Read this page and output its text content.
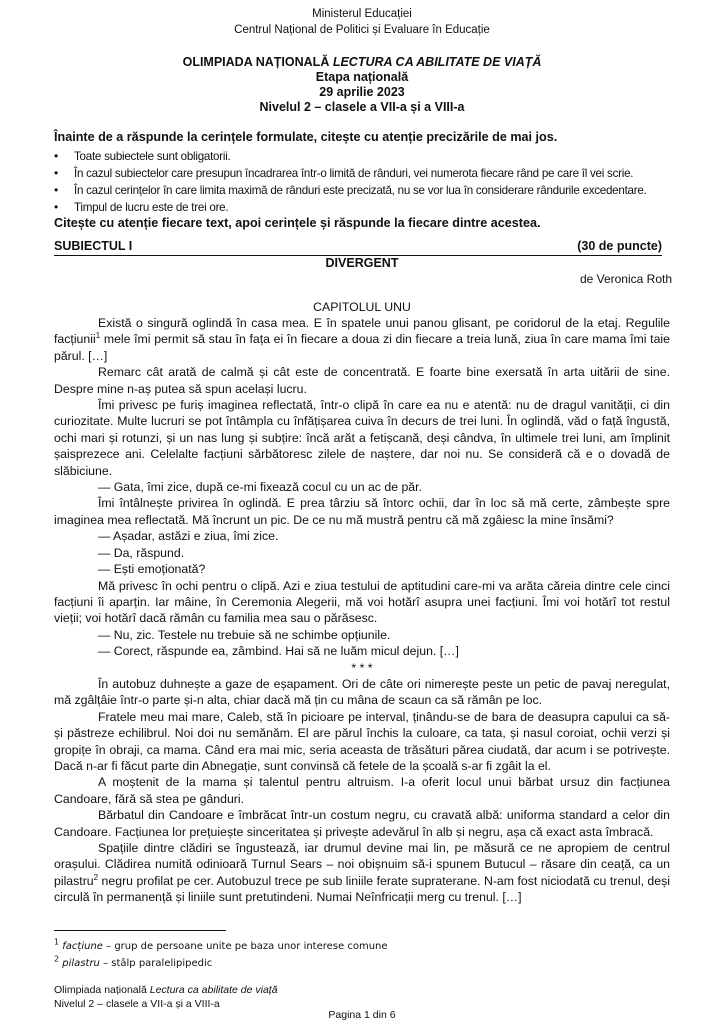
Ministerul Educației
Centrul Național de Politici și Evaluare în Educație
OLIMPIADA NAȚIONALĂ LECTURA CA ABILITATE DE VIAȚĂ
Etapa națională
29 aprilie 2023
Nivelul 2 – clasele a VII-a și a VIII-a
Înainte de a răspunde la cerințele formulate, citește cu atenție precizările de mai jos.
• Toate subiectele sunt obligatorii.
• În cazul subiectelor care presupun încadrarea într-o limită de rânduri, vei numerota fiecare rând pe care îl vei scrie.
• În cazul cerințelor în care limita maximă de rânduri este precizată, nu se vor lua în considerare rândurile excedentare.
• Timpul de lucru este de trei ore.
Citește cu atenție fiecare text, apoi cerințele și răspunde la fiecare dintre acestea.
SUBIECTUL I	(30 de puncte)
DIVERGENT
de Veronica Roth
CAPITOLUL UNU

Există o singură oglindă în casa mea. E în spatele unui panou glisant, pe coridorul de la etaj. Regulile facțiunii$^1$ mele îmi permit să stau în fața ei în fiecare a doua zi din fiecare a treia lună, ziua în care mama îmi taie părul. […]

Remarc cât arată de calmă și cât este de concentrată. E foarte bine exersată în arta uitării de sine. Despre mine n-aș putea să spun același lucru.

Îmi privesc pe furiș imaginea reflectată, într-o clipă în care ea nu e atentă: nu de dragul vanității, ci din curiozitate. Multe lucruri se pot întâmpla cu înfățișarea cuiva în decurs de trei luni. În oglindă, văd o față îngustă, ochi mari și rotunzi, și un nas lung și subțire: încă arăt a fetișcană, deși cândva, în ultimele trei luni, am împlinit șaisprezece ani. Celelalte facțiuni sărbătoresc zilele de naștere, dar noi nu. Se consideră că e o dovadă de slăbiciune.

— Gata, îmi zice, după ce-mi fixează cocul cu un ac de păr.

Îmi întâlnește privirea în oglindă. E prea târziu să întorc ochii, dar în loc să mă certe, zâmbește spre imaginea mea reflectată. Mă încrunt un pic. De ce nu mă mustră pentru că mă zgâiesc la mine însămi?

— Așadar, astăzi e ziua, îmi zice.

— Da, răspund.

— Ești emoționată?

Mă privesc în ochi pentru o clipă. Azi e ziua testului de aptitudini care-mi va arăta căreia dintre cele cinci facțiuni îi aparțin. Iar mâine, în Ceremonia Alegerii, mă voi hotărî asupra unei facțiuni. Îmi voi hotărî tot restul vieții; voi hotărî dacă rămân cu familia mea sau o părăsesc.

— Nu, zic. Testele nu trebuie să ne schimbe opțiunile.

— Corect, răspunde ea, zâmbind. Hai să ne luăm micul dejun. […]

* * *

În autobuz duhnește a gaze de eșapament. Ori de câte ori nimerește peste un petic de pavaj neregulat, mă zgâlțâie într-o parte și-n alta, chiar dacă mă țin cu mâna de scaun ca să rămân pe loc.

Fratele meu mai mare, Caleb, stă în picioare pe interval, ținându-se de bara de deasupra capului ca să-și păstreze echilibrul. Noi doi nu semănăm. El are părul închis la culoare, ca tata, și nasul coroiat, ochii verzi și gropițe în obraji, ca mama. Când era mai mic, seria aceasta de trăsături părea ciudată, dar acum i se potrivește. Dacă n-ar fi făcut parte din Abnegație, sunt convinsă că fetele de la școală s-ar fi zgâit la el.

A moștenit de la mama și talentul pentru altruism. I-a oferit locul unui bărbat ursuz din facțiunea Candoare, fără să stea pe gânduri.

Bărbatul din Candoare e îmbrăcat într-un costum negru, cu cravată albă: uniforma standard a celor din Candoare. Facțiunea lor prețuiește sinceritatea și privește adevărul în alb și negru, așa că exact asta îmbracă.

Spațiile dintre clădiri se îngustează, iar drumul devine mai lin, pe măsură ce ne apropiem de centrul orașului. Clădirea numită odinioară Turnul Sears – noi obișnuim să-i spunem Butucul – răsare din ceață, ca un pilastru$^2$ negru profilat pe cer. Autobuzul trece pe sub liniile ferate supraterane. N-am fost niciodată cu trenul, deși circulă în permanență și liniile sunt pretutindeni. Numai Neînfricații merg cu trenul. […]

$^1$ facțiune – grup de persoane unite pe baza unor interese comune
$^2$ pilastru – stâlp paralelipipedic
Olimpiada națională Lectura ca abilitate de viață
Nivelul 2 – clasele a VII-a și a VIII-a
Pagina 1 din 6
